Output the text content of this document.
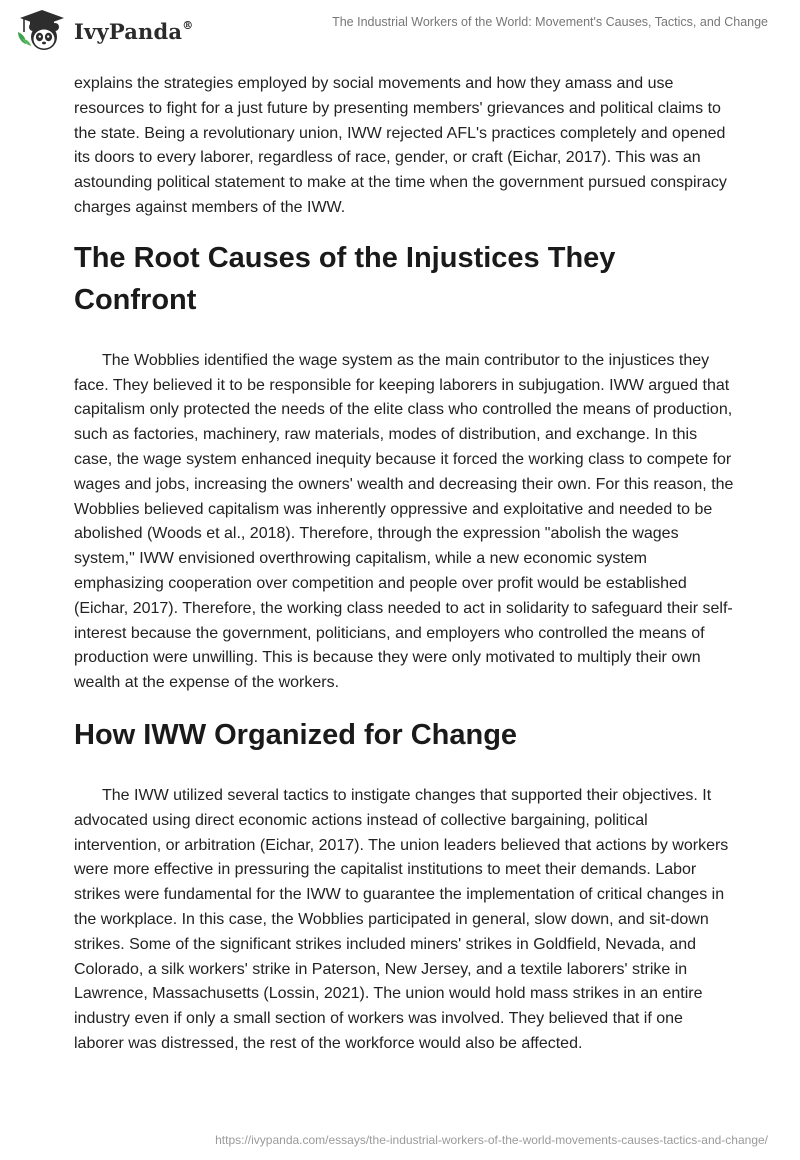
IvyPanda®	The Industrial Workers of the World: Movement's Causes, Tactics, and Change

explains the strategies employed by social movements and how they amass and use resources to fight for a just future by presenting members' grievances and political claims to the state. Being a revolutionary union, IWW rejected AFL's practices completely and opened its doors to every laborer, regardless of race, gender, or craft (Eichar, 2017). This was an astounding political statement to make at the time when the government pursued conspiracy charges against members of the IWW.

The Root Causes of the Injustices They Confront

The Wobblies identified the wage system as the main contributor to the injustices they face. They believed it to be responsible for keeping laborers in subjugation. IWW argued that capitalism only protected the needs of the elite class who controlled the means of production, such as factories, machinery, raw materials, modes of distribution, and exchange. In this case, the wage system enhanced inequity because it forced the working class to compete for wages and jobs, increasing the owners' wealth and decreasing their own. For this reason, the Wobblies believed capitalism was inherently oppressive and exploitative and needed to be abolished (Woods et al., 2018). Therefore, through the expression "abolish the wages system," IWW envisioned overthrowing capitalism, while a new economic system emphasizing cooperation over competition and people over profit would be established (Eichar, 2017). Therefore, the working class needed to act in solidarity to safeguard their self-interest because the government, politicians, and employers who controlled the means of production were unwilling. This is because they were only motivated to multiply their own wealth at the expense of the workers.

How IWW Organized for Change

The IWW utilized several tactics to instigate changes that supported their objectives. It advocated using direct economic actions instead of collective bargaining, political intervention, or arbitration (Eichar, 2017). The union leaders believed that actions by workers were more effective in pressuring the capitalist institutions to meet their demands. Labor strikes were fundamental for the IWW to guarantee the implementation of critical changes in the workplace. In this case, the Wobblies participated in general, slow down, and sit-down strikes. Some of the significant strikes included miners' strikes in Goldfield, Nevada, and Colorado, a silk workers' strike in Paterson, New Jersey, and a textile laborers' strike in Lawrence, Massachusetts (Lossin, 2021). The union would hold mass strikes in an entire industry even if only a small section of workers was involved. They believed that if one laborer was distressed, the rest of the workforce would also be affected.

https://ivypanda.com/essays/the-industrial-workers-of-the-world-movements-causes-tactics-and-change/
